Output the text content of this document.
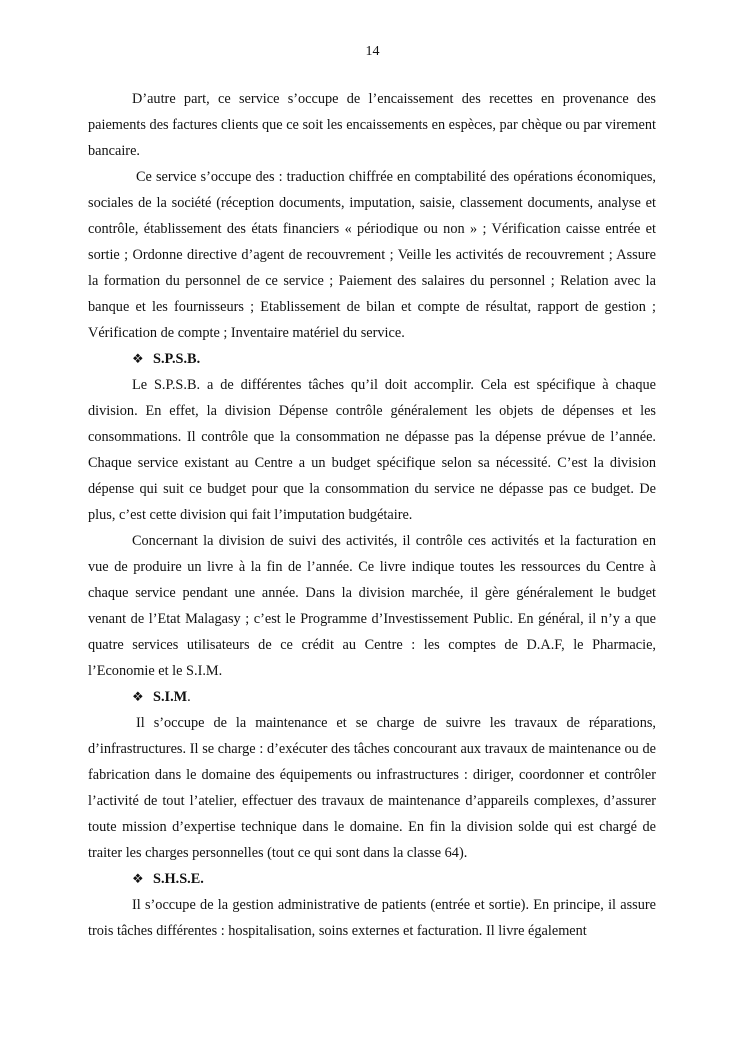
14

D’autre part, ce service s’occupe de l’encaissement des recettes en provenance des paiements des factures clients que ce soit les encaissements en espèces, par chèque ou par virement bancaire.

Ce service s’occupe des : traduction chiffrée en comptabilité des opérations économiques, sociales de la société (réception documents, imputation, saisie, classement documents, analyse et contrôle, établissement des états financiers « périodique ou non » ; Vérification caisse entrée et sortie ; Ordonne directive d’agent de recouvrement ; Veille les activités de recouvrement ; Assure la formation du personnel de ce service ; Paiement des salaires du personnel ; Relation avec la banque et les fournisseurs ; Etablissement de bilan et compte de résultat, rapport de gestion ; Vérification de compte ; Inventaire matériel du service.

❖ S.P.S.B.

Le S.P.S.B. a de différentes tâches qu’il doit accomplir. Cela est spécifique à chaque division. En effet, la division Dépense contrôle généralement les objets de dépenses et les consommations. Il contrôle que la consommation ne dépasse pas la dépense prévue de l’année. Chaque service existant au Centre a un budget spécifique selon sa nécessité. C’est la division dépense qui suit ce budget pour que la consommation du service ne dépasse pas ce budget. De plus, c’est cette division qui fait l’imputation budgétaire.

Concernant la division de suivi des activités, il contrôle ces activités et la facturation en vue de produire un livre à la fin de l’année. Ce livre indique toutes les ressources du Centre à chaque service pendant une année. Dans la division marchée, il gère généralement le budget venant de l’Etat Malagasy ; c’est le Programme d’Investissement Public. En général, il n’y a que quatre services utilisateurs de ce crédit au Centre : les comptes de D.A.F, le Pharmacie, l’Economie et le S.I.M.

❖ S.I.M.

Il s’occupe de la maintenance et se charge de suivre les travaux de réparations, d’infrastructures. Il se charge : d’exécuter des tâches concourant aux travaux de maintenance ou de fabrication dans le domaine des équipements ou infrastructures : diriger, coordonner et contrôler l’activité de tout l’atelier, effectuer des travaux de maintenance d’appareils complexes, d’assurer toute mission d’expertise technique dans le domaine. En fin la division solde qui est chargé de traiter les charges personnelles (tout ce qui sont dans la classe 64).

❖ S.H.S.E.

Il s’occupe de la gestion administrative de patients (entrée et sortie). En principe, il assure trois tâches différentes : hospitalisation, soins externes et facturation. Il livre également
